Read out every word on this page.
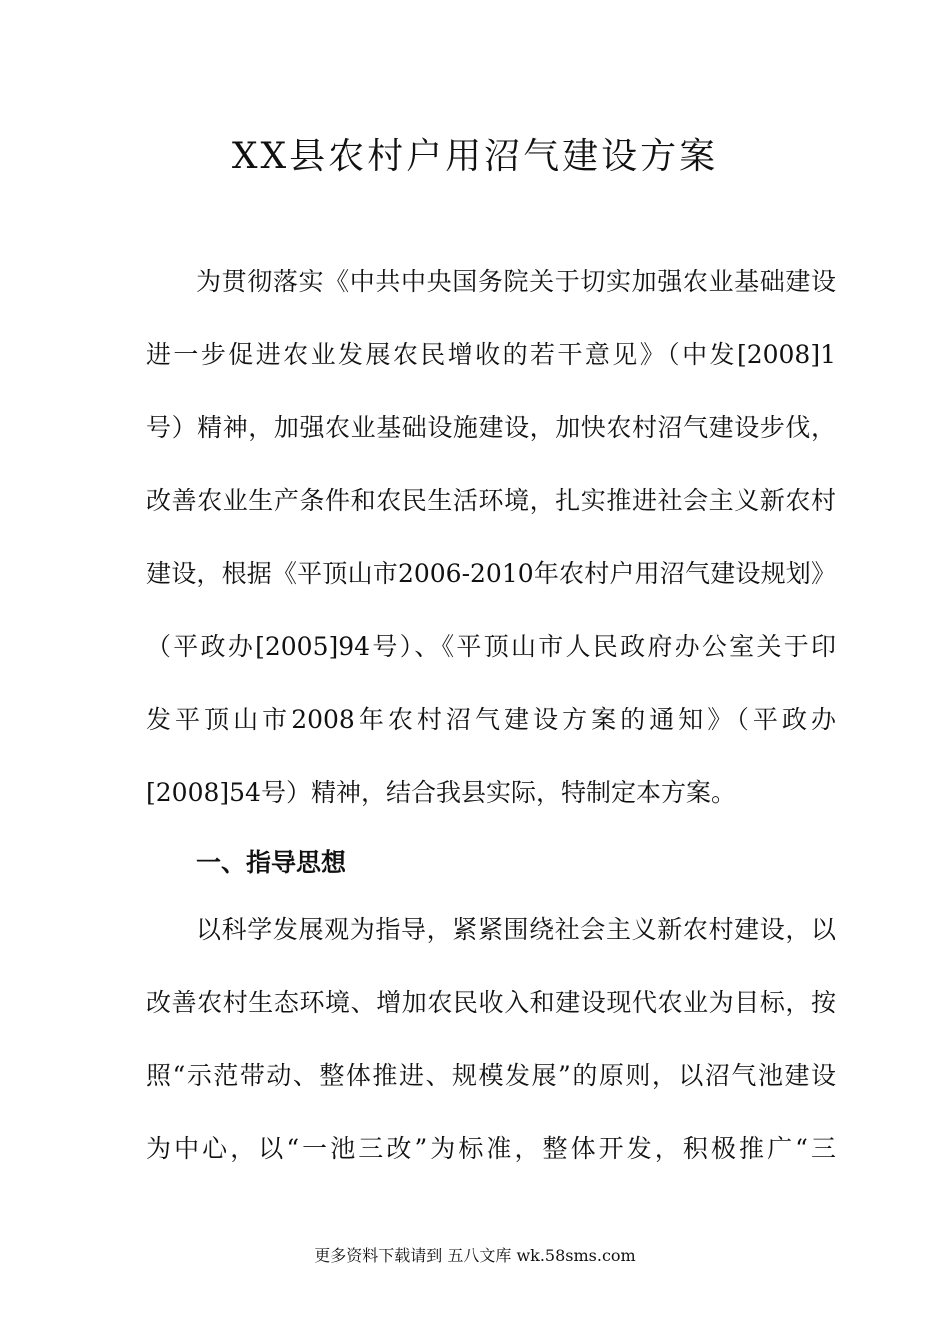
XX县农村户用沼气建设方案
为贯彻落实《中共中央国务院关于切实加强农业基础建设
进一步促进农业发展农民增收的若干意见》（中发[2008]1
号）精神，加强农业基础设施建设，加快农村沼气建设步伐，
改善农业生产条件和农民生活环境，扎实推进社会主义新农村
建设，根据《平顶山市2006-2010年农村户用沼气建设规划》
（平政办[2005]94号）、《平顶山市人民政府办公室关于印
发平顶山市2008年农村沼气建设方案的通知》（平政办
[2008]54号）精神，结合我县实际，特制定本方案。
一、指导思想
以科学发展观为指导，紧紧围绕社会主义新农村建设，以
改善农村生态环境、增加农民收入和建设现代农业为目标，按
照“示范带动、整体推进、规模发展”的原则，以沼气池建设
为中心，以“一池三改”为标准，整体开发，积极推广“三
更多资料下载请到 五八文库 wk.58sms.com
